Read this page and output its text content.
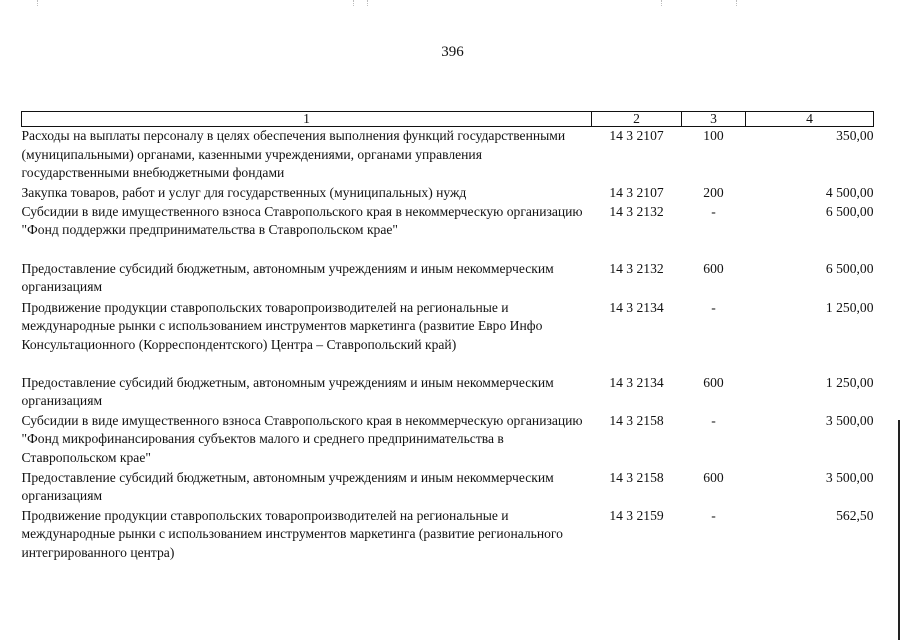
396
1	2	3	4
Расходы на выплаты персоналу в целях обеспечения выполнения функций государственными (муниципальными) органами, казенными учреждениями, органами управления государственными внебюджетными фондами	14 3 2107	100	350,00
Закупка товаров, работ и услуг для государственных (муниципальных) нужд	14 3 2107	200	4 500,00
Субсидии в виде имущественного взноса Ставропольского края в некоммерческую организацию "Фонд поддержки предпринимательства в Ставропольском крае"	14 3 2132	-	6 500,00
Предоставление субсидий бюджетным, автономным учреждениям и иным некоммерческим организациям	14 3 2132	600	6 500,00
Продвижение продукции ставропольских товаропроизводителей на региональные и международные рынки с использованием инструментов маркетинга (развитие Евро Инфо Консультационного (Корреспондентского) Центра – Ставропольский край)	14 3 2134	-	1 250,00
Предоставление субсидий бюджетным, автономным учреждениям и иным некоммерческим организациям	14 3 2134	600	1 250,00
Субсидии в виде имущественного взноса Ставропольского края в некоммерческую организацию "Фонд микрофинансирования субъектов малого и среднего предпринимательства в Ставропольском крае"	14 3 2158	-	3 500,00
Предоставление субсидий бюджетным, автономным учреждениям и иным некоммерческим организациям	14 3 2158	600	3 500,00
Продвижение продукции ставропольских товаропроизводителей на региональные и международные рынки с использованием инструментов маркетинга (развитие регионального интегрированного центра)	14 3 2159	-	562,50
